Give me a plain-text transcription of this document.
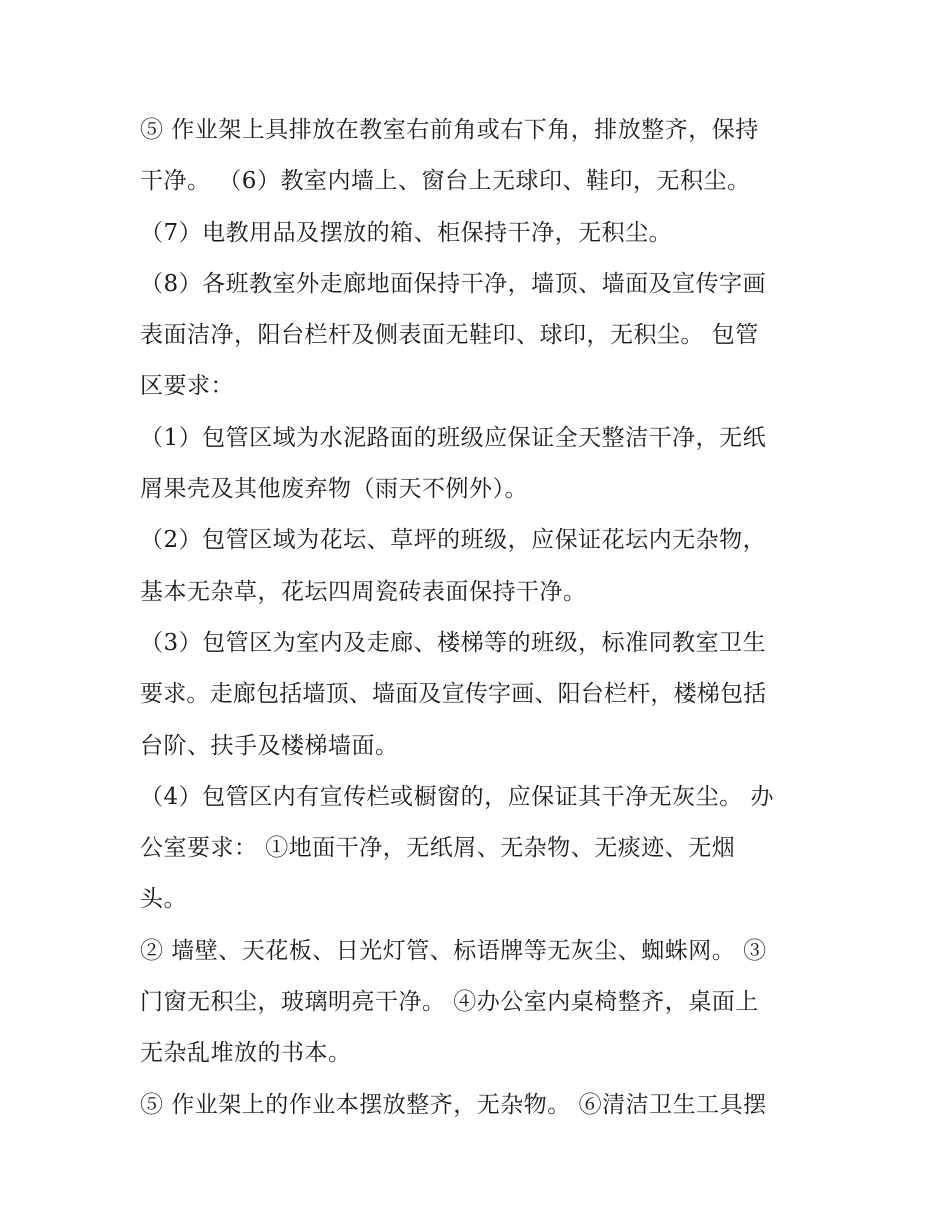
⑤ 作业架上具排放在教室右前角或右下角，排放整齐，保持
干净。 （6）教室内墙上、窗台上无球印、鞋印，无积尘。
（7）电教用品及摆放的箱、柜保持干净，无积尘。
（8）各班教室外走廊地面保持干净，墙顶、墙面及宣传字画
表面洁净，阳台栏杆及侧表面无鞋印、球印，无积尘。 包管
区要求：
（1）包管区域为水泥路面的班级应保证全天整洁干净，无纸
屑果壳及其他废弃物（雨天不例外）。
（2）包管区域为花坛、草坪的班级，应保证花坛内无杂物，
基本无杂草，花坛四周瓷砖表面保持干净。
（3）包管区为室内及走廊、楼梯等的班级，标准同教室卫生
要求。走廊包括墙顶、墙面及宣传字画、阳台栏杆，楼梯包括
台阶、扶手及楼梯墙面。
（4）包管区内有宣传栏或橱窗的，应保证其干净无灰尘。 办
公室要求： ①地面干净，无纸屑、无杂物、无痰迹、无烟
头。
② 墙壁、天花板、日光灯管、标语牌等无灰尘、蜘蛛网。 ③
门窗无积尘，玻璃明亮干净。 ④办公室内桌椅整齐，桌面上
无杂乱堆放的书本。
⑤ 作业架上的作业本摆放整齐，无杂物。 ⑥清洁卫生工具摆
